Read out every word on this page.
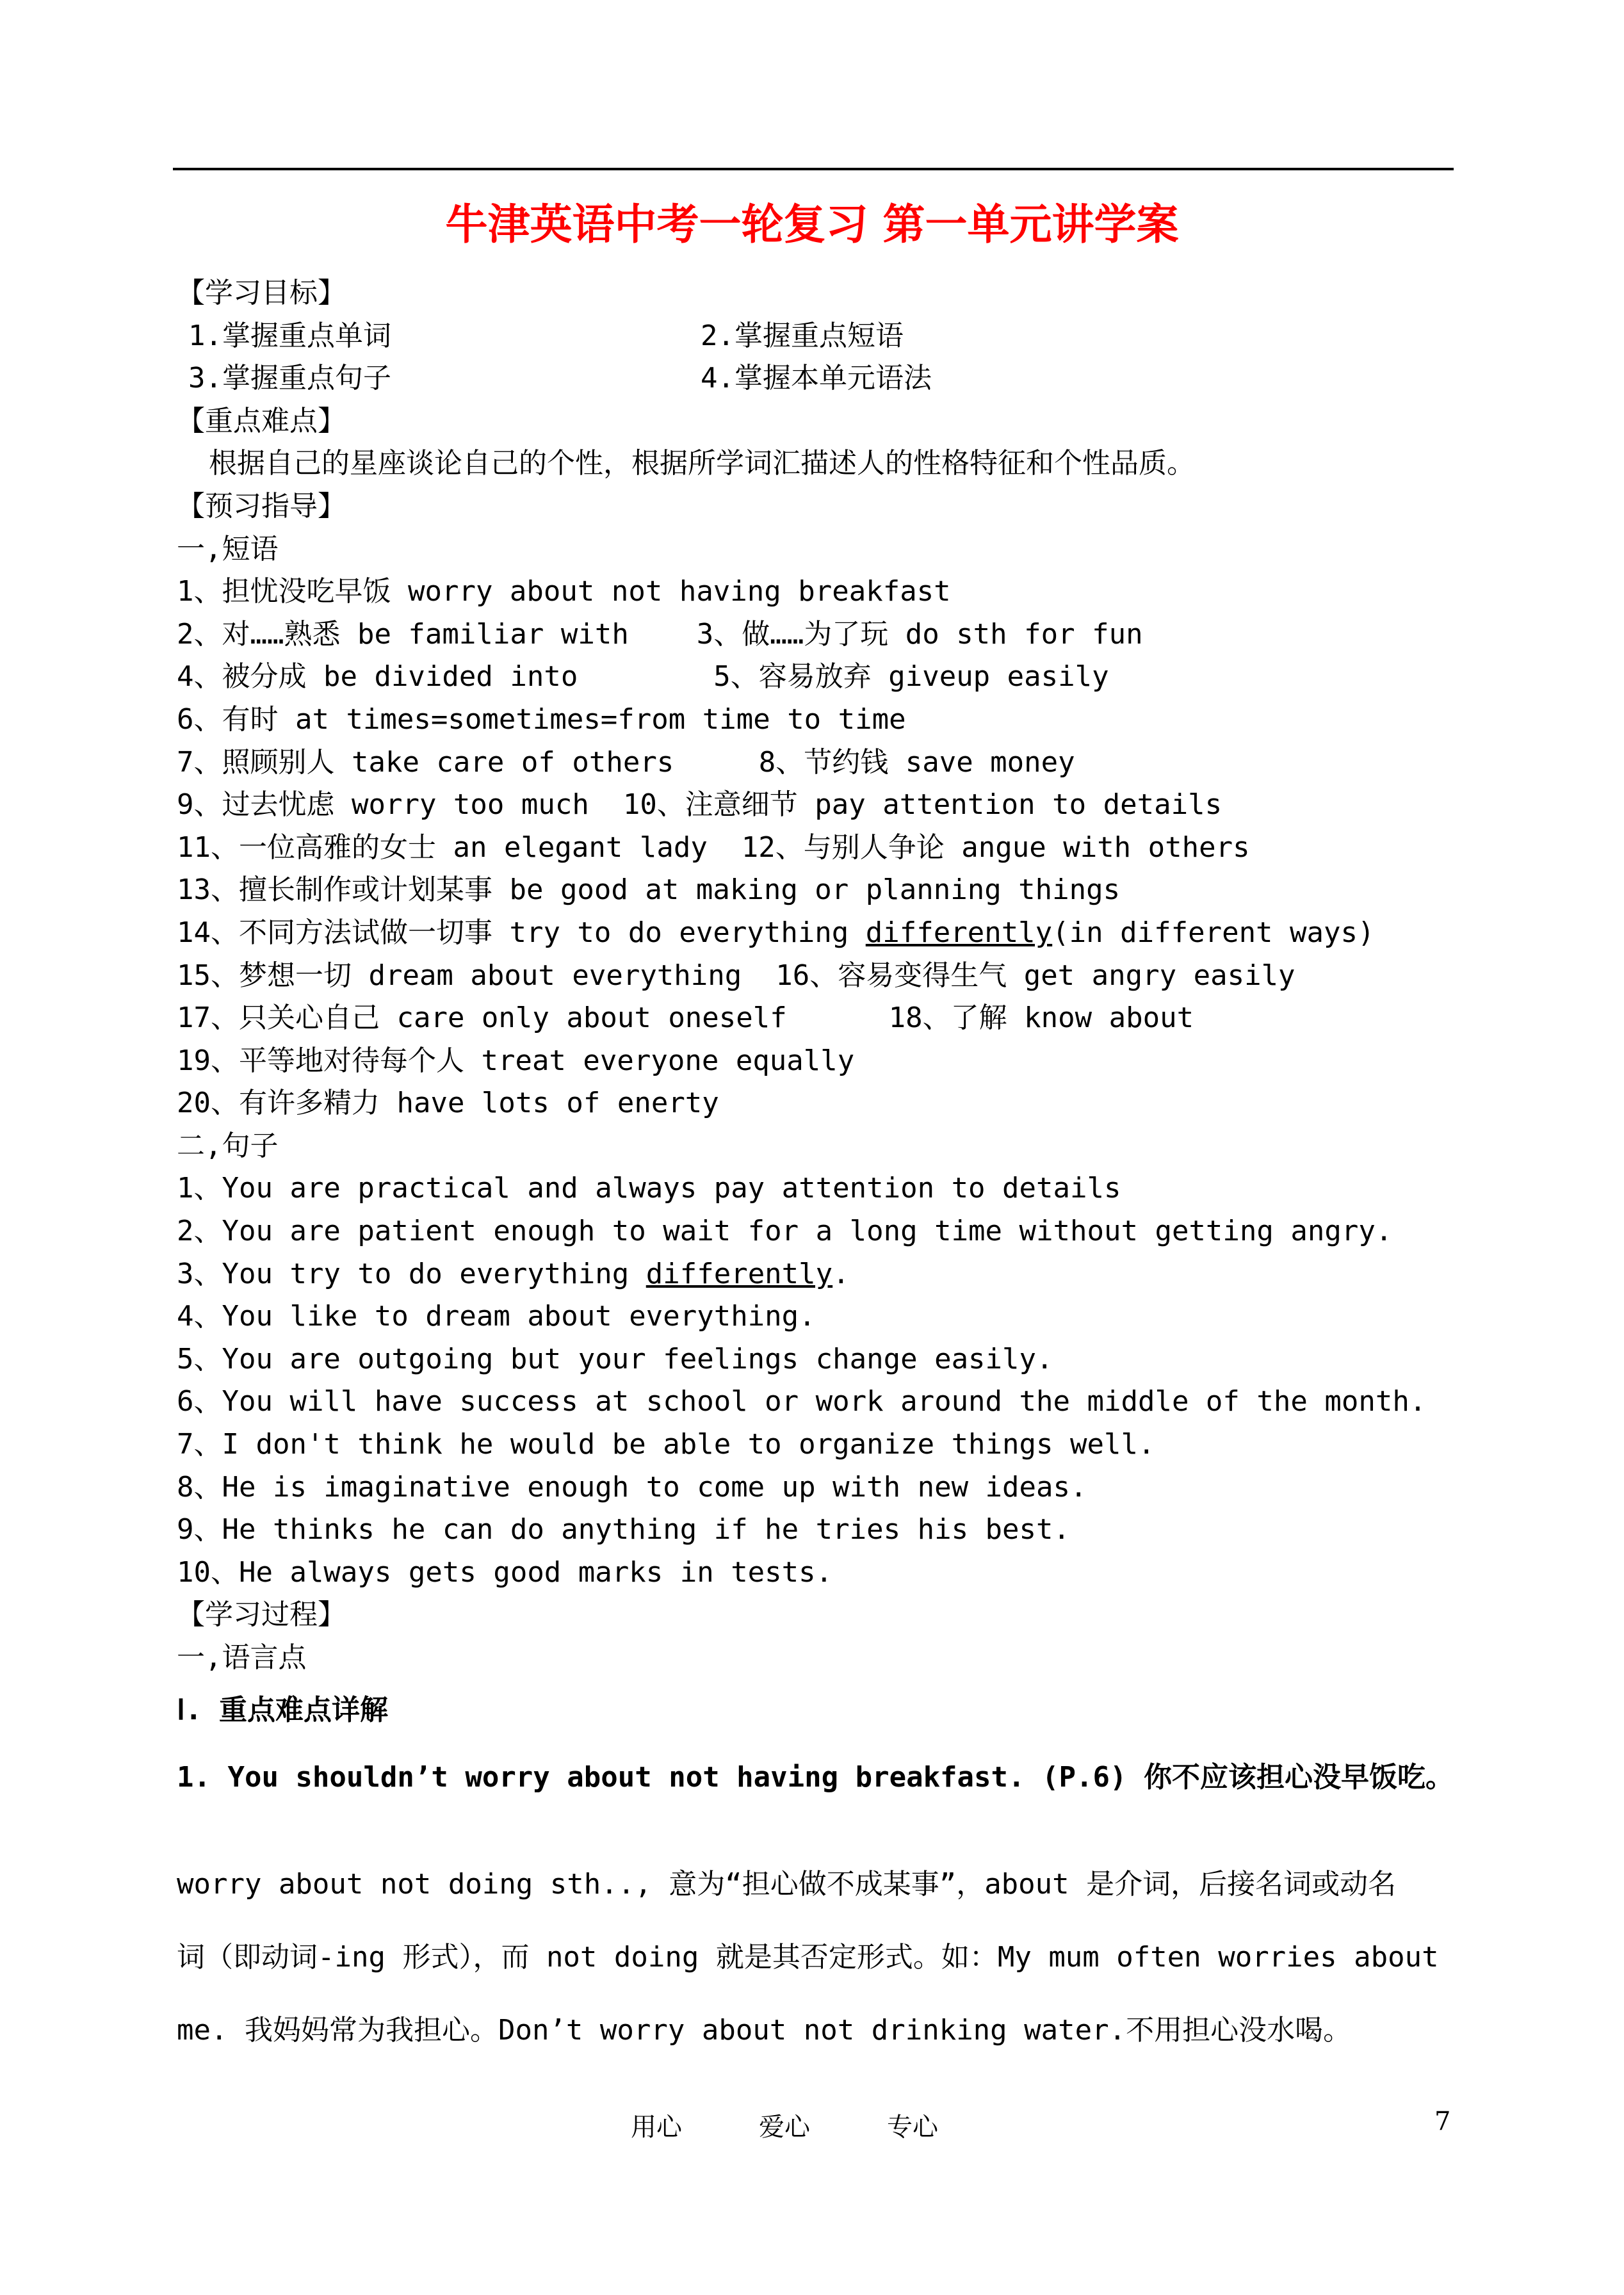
牛津英语中考一轮复习 第一单元讲学案
【学习目标】
1.掌握重点单词	2.掌握重点短语
3.掌握重点句子	4.掌握本单元语法
【重点难点】
根据自己的星座谈论自己的个性，根据所学词汇描述人的性格特征和个性品质。
【预习指导】
一,短语
1、担忧没吃早饭 worry about not having breakfast
2、对……熟悉 be familiar with    3、做……为了玩 do sth for fun
4、被分成 be divided into        5、容易放弃 giveup easily
6、有时 at times=sometimes=from time to time
7、照顾别人 take care of others     8、节约钱 save money
9、过去忧虑 worry too much  10、注意细节 pay attention to details
11、一位高雅的女士 an elegant lady  12、与别人争论 angue with others
13、擅长制作或计划某事 be good at making or planning things
14、不同方法试做一切事 try to do everything differently(in different ways)
15、梦想一切 dream about everything  16、容易变得生气 get angry easily
17、只关心自己 care only about oneself      18、了解 know about
19、平等地对待每个人 treat everyone equally
20、有许多精力 have lots of enerty
二,句子
1、You are practical and always pay attention to details
2、You are patient enough to wait for a long time without getting angry.
3、You try to do everything differently.
4、You like to dream about everything.
5、You are outgoing but your feelings change easily.
6、You will have success at school or work around the middle of the month.
7、I don't think he would be able to organize things well.
8、He is imaginative enough to come up with new ideas.
9、He thinks he can do anything if he tries his best.
10、He always gets good marks in tests.
【学习过程】
一,语言点
Ⅰ. 重点难点详解
1. You shouldn’t worry about not having breakfast. (P.6) 你不应该担心没早饭吃。
worry about not doing sth.., 意为“担心做不成某事”，about 是介词，后接名词或动名
词（即动词-ing 形式），而 not doing 就是其否定形式。如：My mum often worries about
me. 我妈妈常为我担心。Don’t worry about not drinking water.不用担心没水喝。
用心	爱心	专心	7
